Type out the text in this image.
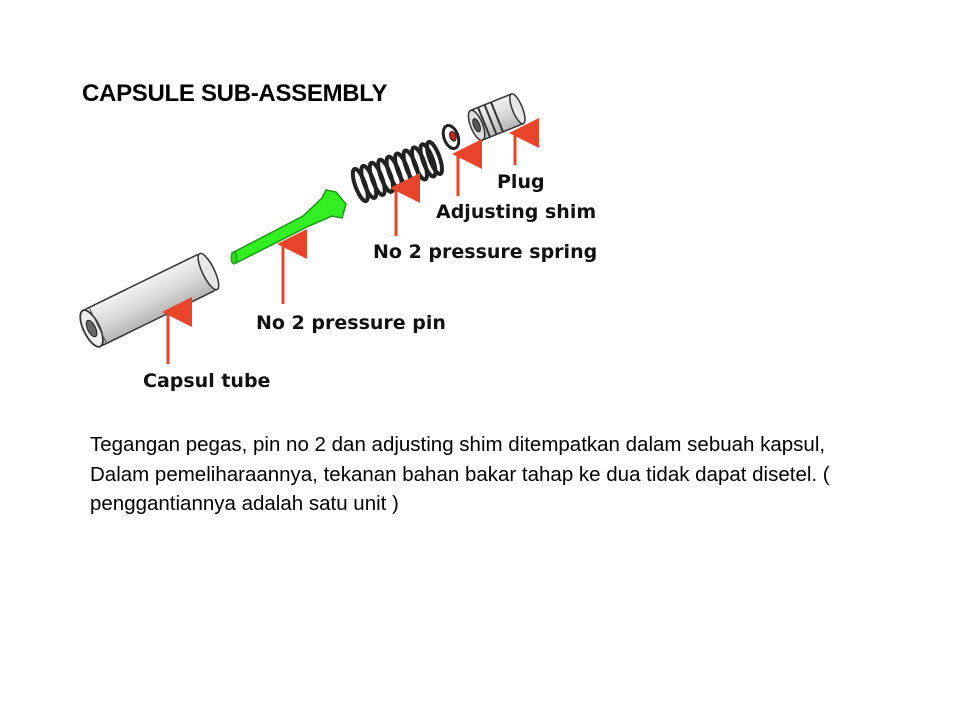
CAPSULE SUB-ASSEMBLY
Plug
Adjusting shim
No 2 pressure spring
No 2 pressure pin
Capsul tube

Tegangan pegas, pin no 2 dan adjusting shim ditempatkan dalam sebuah kapsul,

Dalam pemeliharaannya, tekanan bahan bakar tahap ke dua tidak dapat disetel. ( penggantiannya adalah satu unit )
